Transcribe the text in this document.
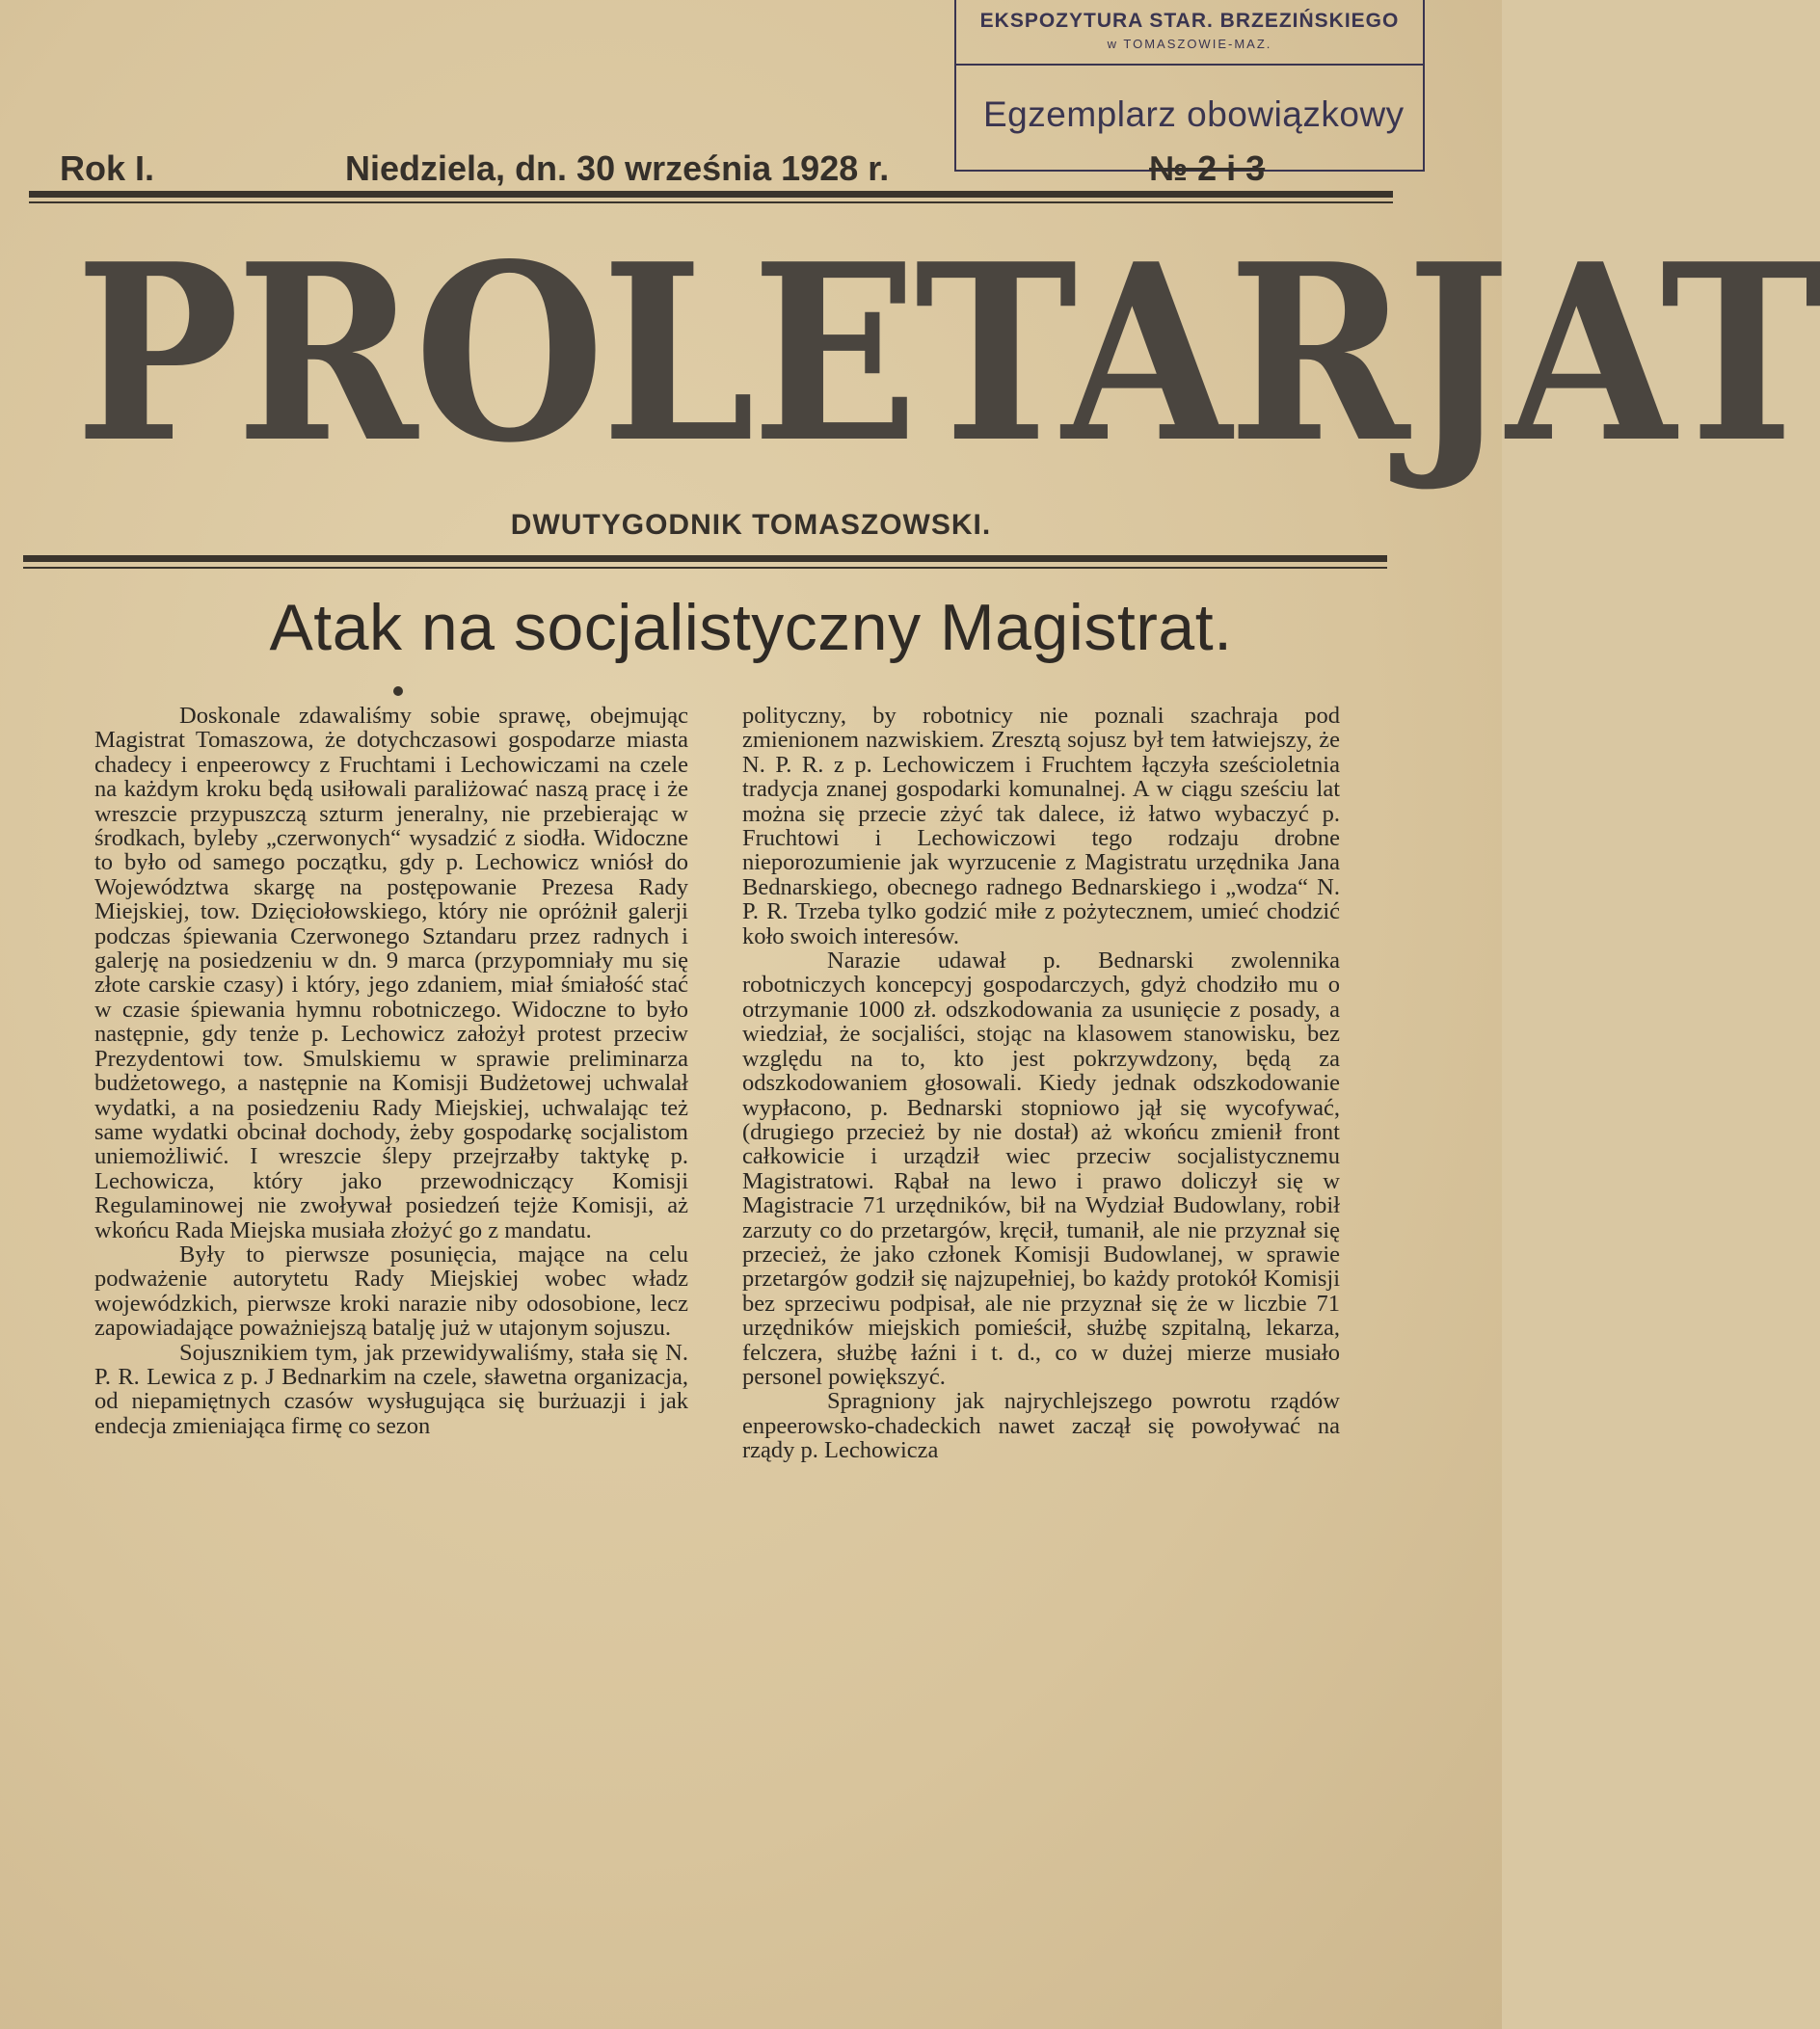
EKSPOZYTURA STAR. BRZEZIŃSKIEGO
w TOMASZOWIE-MAZ.
Egzemplarz obowiązkowy
Rok I.	Niedziela, dn. 30 września 1928 r.	№ 2 i 3
PROLETARJAT
DWUTYGODNIK TOMASZOWSKI.
Atak na socjalistyczny Magistrat.

Doskonale zdawaliśmy sobie sprawę, obejmując Magistrat Tomaszowa, że dotychczasowi gospodarze miasta chadecy i enpeerowcy z Fruchtami i Lechowiczami na czele na każdym kroku będą usiłowali paraliżować naszą pracę i że wreszcie przypuszczą szturm jeneralny, nie przebierając w środkach, byleby „czerwonych“ wysadzić z siodła. Widoczne to było od samego początku, gdy p. Lechowicz wniósł do Województwa skargę na postępowanie Prezesa Rady Miejskiej, tow. Dzięciołowskiego, który nie opróżnił galerji podczas śpiewania Czerwonego Sztandaru przez radnych i galerję na posiedzeniu w dn. 9 marca (przypomniały mu się złote carskie czasy) i który, jego zdaniem, miał śmiałość stać w czasie śpiewania hymnu robotniczego. Widoczne to było następnie, gdy tenże p. Lechowicz założył protest przeciw Prezydentowi tow. Smulskiemu w sprawie preliminarza budżetowego, a następnie na Komisji Budżetowej uchwalał wydatki, a na posiedzeniu Rady Miejskiej, uchwalając też same wydatki obcinał dochody, żeby gospodarkę socjalistom uniemożliwić. I wreszcie ślepy przejrzałby taktykę p. Lechowicza, który jako przewodniczący Komisji Regulaminowej nie zwoływał posiedzeń tejże Komisji, aż wkońcu Rada Miejska musiała złożyć go z mandatu.

Były to pierwsze posunięcia, mające na celu podważenie autorytetu Rady Miejskiej wobec władz wojewódzkich, pierwsze kroki narazie niby odosobione, lecz zapowiadające poważniejszą batalję już w utajonym sojuszu.

Sojusznikiem tym, jak przewidywaliśmy, stała się N. P. R. Lewica z p. J Bednarkim na czele, sławetna organizacja, od niepamiętnych czasów wysługująca się burżuazji i jak endecja zmieniająca firmę co sezon

polityczny, by robotnicy nie poznali szachraja pod zmienionem nazwiskiem. Zresztą sojusz był tem łatwiejszy, że N. P. R. z p. Lechowiczem i Fruchtem łączyła sześcioletnia tradycja znanej gospodarki komunalnej. A w ciągu sześciu lat można się przecie zżyć tak dalece, iż łatwo wybaczyć p. Fruchtowi i Lechowiczowi tego rodzaju drobne nieporozumienie jak wyrzucenie z Magistratu urzędnika Jana Bednarskiego, obecnego radnego Bednarskiego i „wodza“ N. P. R. Trzeba tylko godzić miłe z pożytecznem, umieć chodzić koło swoich interesów.

Narazie udawał p. Bednarski zwolennika robotniczych koncepcyj gospodarczych, gdyż chodziło mu o otrzymanie 1000 zł. odszkodowania za usunięcie z posady, a wiedział, że socjaliści, stojąc na klasowem stanowisku, bez względu na to, kto jest pokrzywdzony, będą za odszkodowaniem głosowali. Kiedy jednak odszkodowanie wypłacono, p. Bednarski stopniowo jął się wycofywać, (drugiego przecież by nie dostał) aż wkońcu zmienił front całkowicie i urządził wiec przeciw socjalistycznemu Magistratowi. Rąbał na lewo i prawo doliczył się w Magistracie 71 urzędników, bił na Wydział Budowlany, robił zarzuty co do przetargów, kręcił, tumanił, ale nie przyznał się przecież, że jako członek Komisji Budowlanej, w sprawie przetargów godził się najzupełniej, bo każdy protokół Komisji bez sprzeciwu podpisał, ale nie przyznał się że w liczbie 71 urzędników miejskich pomieścił, służbę szpitalną, lekarza, felczera, służbę łaźni i t. d., co w dużej mierze musiało personel powiększyć.

Spragniony jak najrychlejszego powrotu rządów enpeerowsko-chadeckich nawet zaczął się powoływać na rządy p. Lechowicza
